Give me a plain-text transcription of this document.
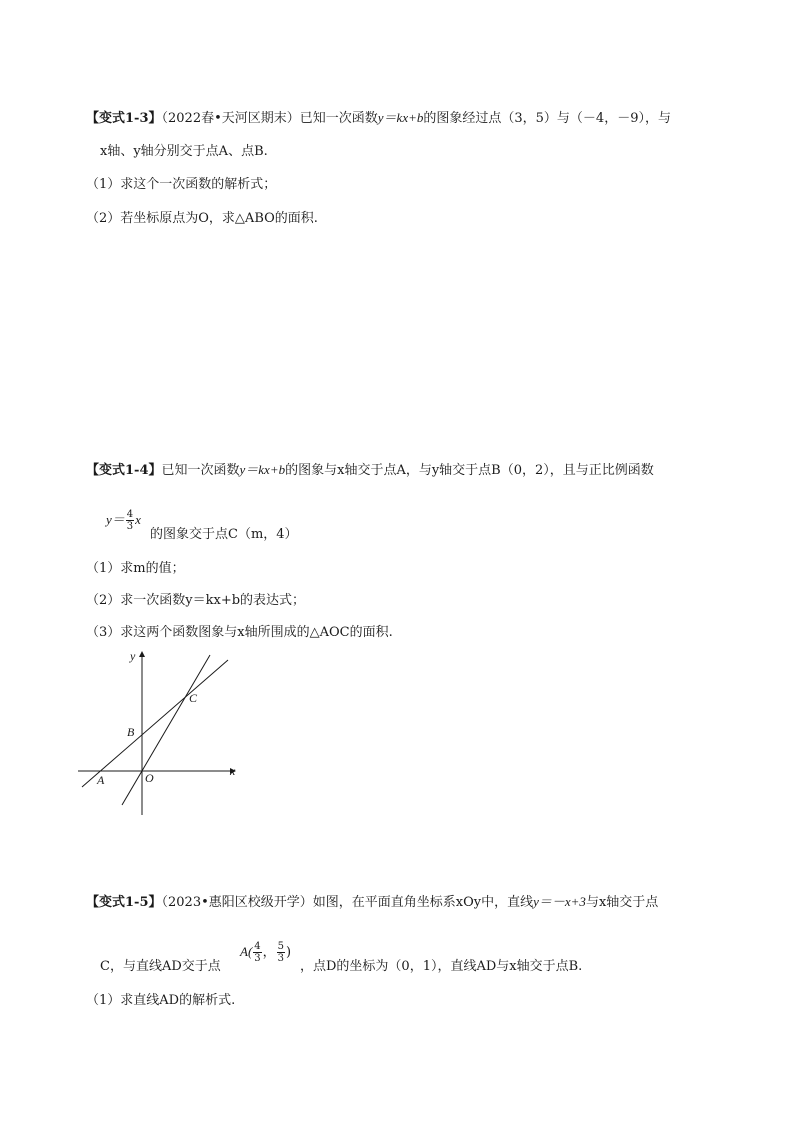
【变式1-3】（2022春•天河区期末）已知一次函数y＝kx+b的图象经过点（3，5）与（－4，－9），与
x轴、y轴分别交于点A、点B.
（1）求这个一次函数的解析式；
（2）若坐标原点为O，求△ABO的面积.
【变式1-4】已知一次函数y＝kx+b的图象与x轴交于点A，与y轴交于点B（0，2），且与正比例函数
$y= \frac{4}{3}$ x
的图象交于点C（m，4）
（1）求m的值；
（2）求一次函数y＝kx+b的表达式；
（3）求这两个函数图象与x轴所围成的△AOC的面积.
y
x
C
B
A	O
【变式1-5】（2023•惠阳区校级开学）如图，在平面直角坐标系xOy中，直线y＝－x+3与x轴交于点
C，与直线AD交于点
$A( \frac{4}{3}$ ， $\frac{5}{3}$ )
，点D的坐标为（0，1），直线AD与x轴交于点B.
（1）求直线AD的解析式.
